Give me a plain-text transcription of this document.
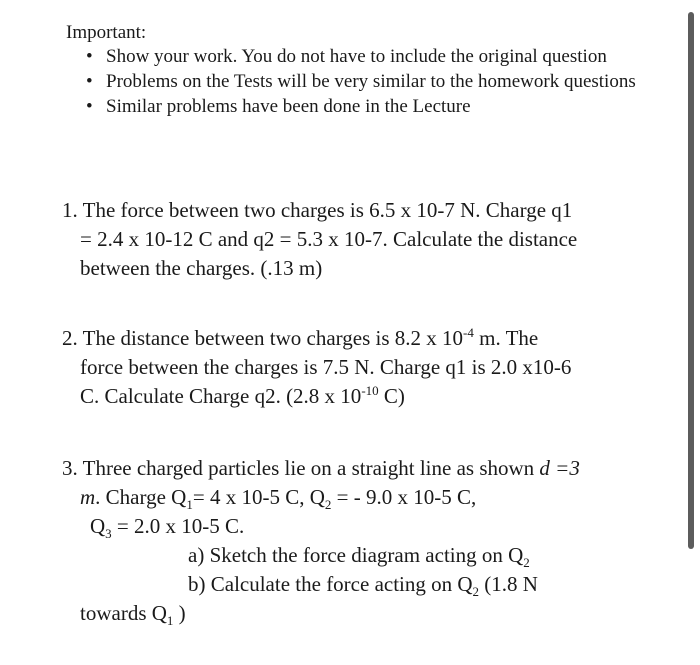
Important:

• Show your work. You do not have to include the original question
• Problems on the Tests will be very similar to the homework questions
• Similar problems have been done in the Lecture
1. The force between two charges is 6.5 x 10-7 N. Charge q1
= 2.4 x 10-12 C and q2 = 5.3 x 10-7. Calculate the distance
between the charges. (.13 m)
2. The distance between two charges is 8.2 x $10^{-4}$ m. The
force between the charges is 7.5 N. Charge q1 is 2.0 x10-6
C. Calculate Charge q2. (2.8 x $10^{-10}$ C)
3. Three charged particles lie on a straight line as shown d =3
m. Charge $Q_1= 4$ x 10-5 C, $Q_2$ = - 9.0 x 10-5 C,
$Q_3 = 2.0$ x 10-5 C.
a) Sketch the force diagram acting on $Q_2$
b) Calculate the force acting on $Q_2$ (1.8 N
towards $Q_1$ )
